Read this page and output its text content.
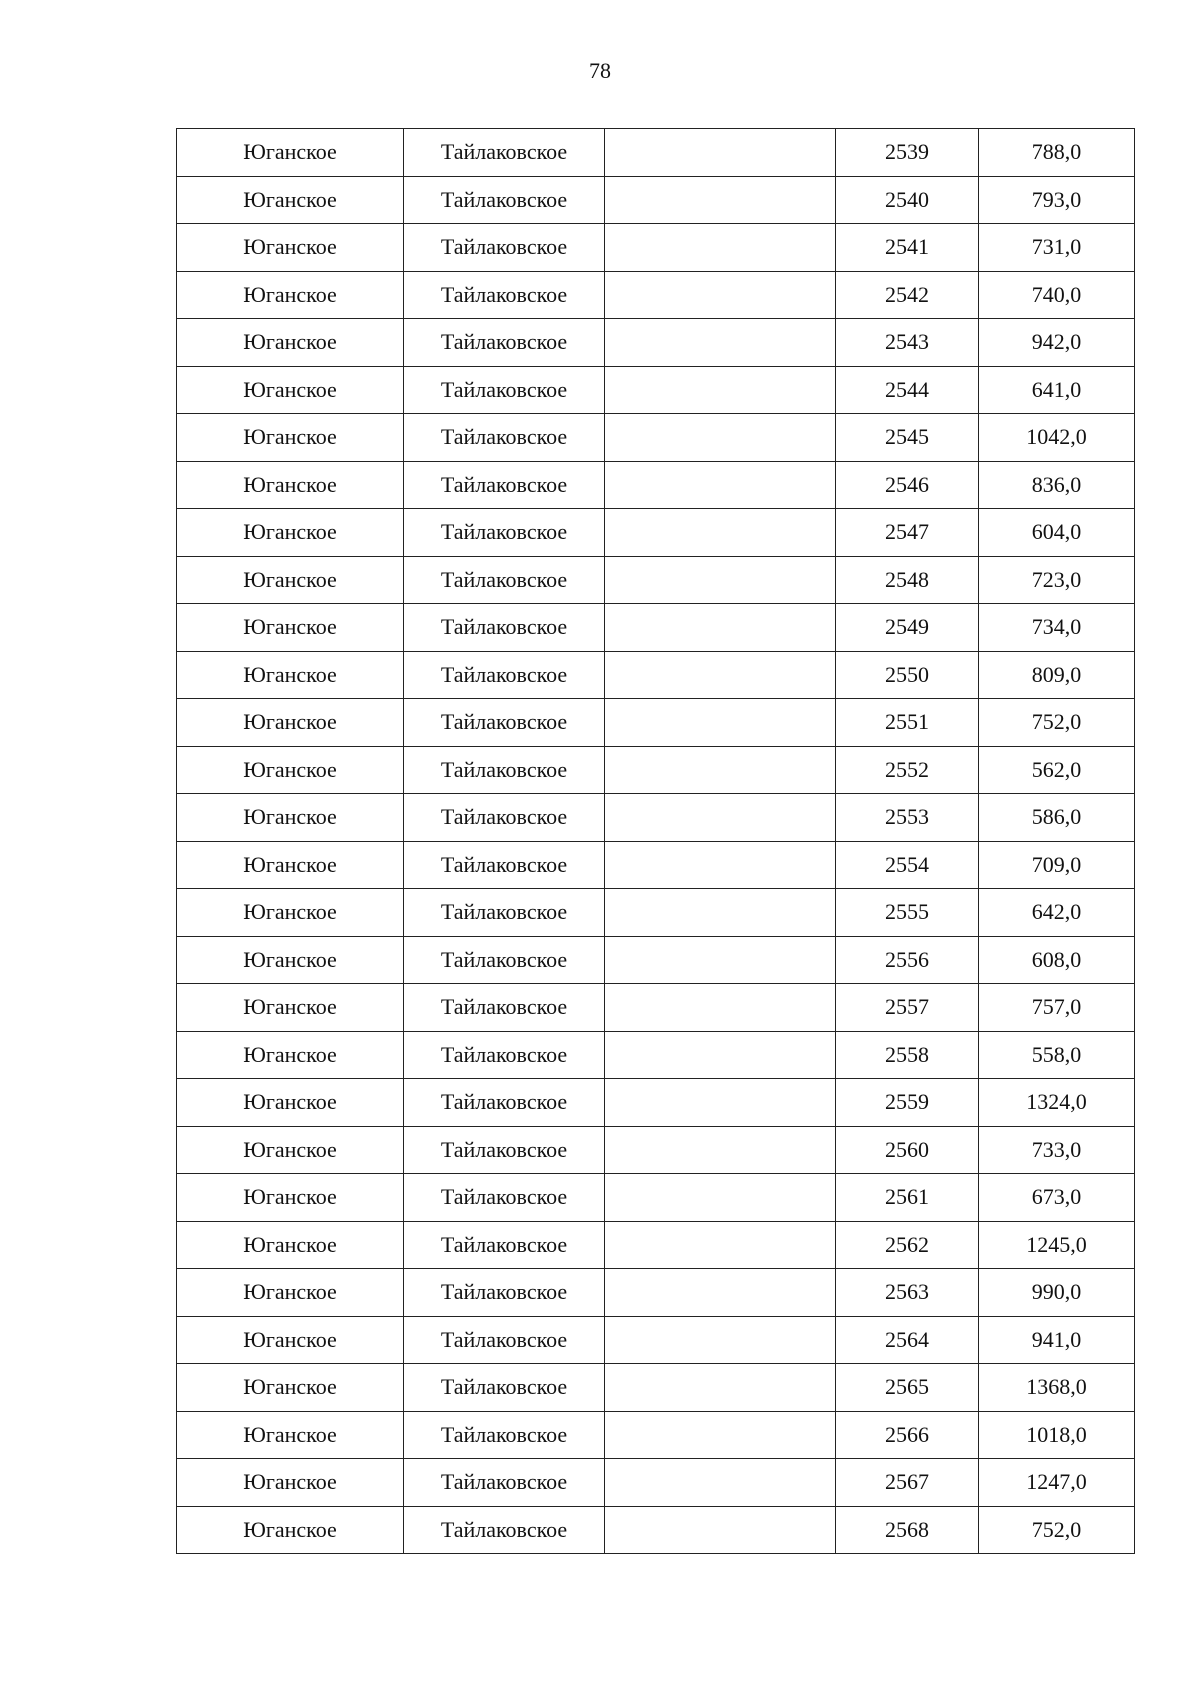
78
Юганское	Тайлаковское		2539	788,0
Юганское	Тайлаковское		2540	793,0
Юганское	Тайлаковское		2541	731,0
Юганское	Тайлаковское		2542	740,0
Юганское	Тайлаковское		2543	942,0
Юганское	Тайлаковское		2544	641,0
Юганское	Тайлаковское		2545	1042,0
Юганское	Тайлаковское		2546	836,0
Юганское	Тайлаковское		2547	604,0
Юганское	Тайлаковское		2548	723,0
Юганское	Тайлаковское		2549	734,0
Юганское	Тайлаковское		2550	809,0
Юганское	Тайлаковское		2551	752,0
Юганское	Тайлаковское		2552	562,0
Юганское	Тайлаковское		2553	586,0
Юганское	Тайлаковское		2554	709,0
Юганское	Тайлаковское		2555	642,0
Юганское	Тайлаковское		2556	608,0
Юганское	Тайлаковское		2557	757,0
Юганское	Тайлаковское		2558	558,0
Юганское	Тайлаковское		2559	1324,0
Юганское	Тайлаковское		2560	733,0
Юганское	Тайлаковское		2561	673,0
Юганское	Тайлаковское		2562	1245,0
Юганское	Тайлаковское		2563	990,0
Юганское	Тайлаковское		2564	941,0
Юганское	Тайлаковское		2565	1368,0
Юганское	Тайлаковское		2566	1018,0
Юганское	Тайлаковское		2567	1247,0
Юганское	Тайлаковское		2568	752,0
